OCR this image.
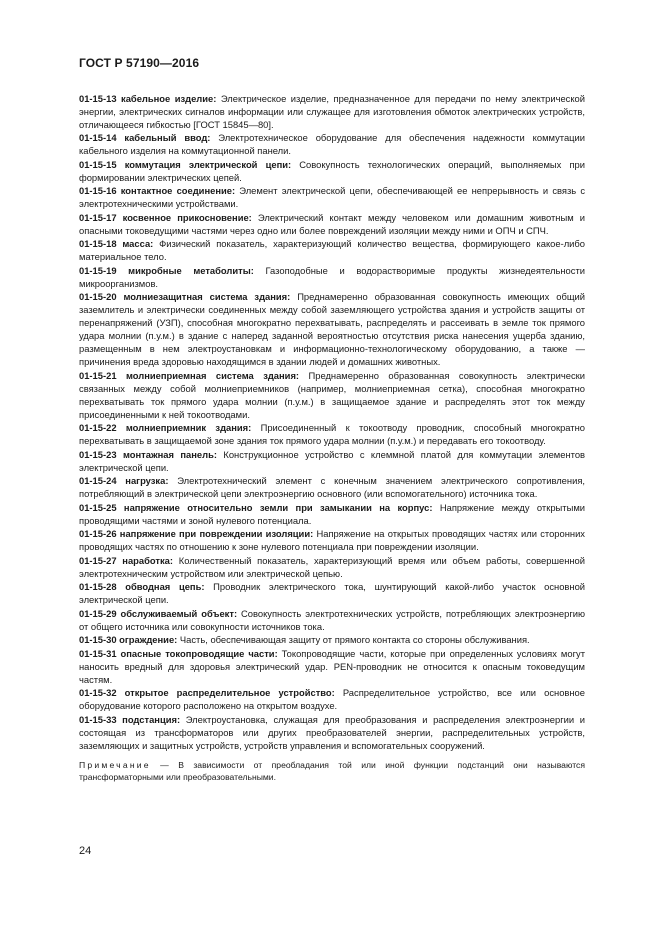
ГОСТ Р 57190—2016

01-15-13 кабельное изделие: Электрическое изделие, предназначенное для передачи по нему электрической энергии, электрических сигналов информации или служащее для изготовления обмоток электрических устройств, отличающееся гибкостью [ГОСТ 15845—80].

01-15-14 кабельный ввод: Электротехническое оборудование для обеспечения надежности коммутации кабельного изделия на коммутационной панели.

01-15-15 коммутация электрической цепи: Совокупность технологических операций, выполняемых при формировании электрических цепей.

01-15-16 контактное соединение: Элемент электрической цепи, обеспечивающей ее непрерывность и связь с электротехническими устройствами.

01-15-17 косвенное прикосновение: Электрический контакт между человеком или домашним животным и опасными токоведущими частями через одно или более повреждений изоляции между ними и ОПЧ и СПЧ.

01-15-18 масса: Физический показатель, характеризующий количество вещества, формирующего какое-либо материальное тело.

01-15-19 микробные метаболиты: Газоподобные и водорастворимые продукты жизнедеятельности микроорганизмов.

01-15-20 молниезащитная система здания: Преднамеренно образованная совокупность имеющих общий заземлитель и электрически соединенных между собой заземляющего устройства здания и устройств защиты от перенапряжений (УЗП), способная многократно перехватывать, распределять и рассеивать в земле ток прямого удара молнии (п.у.м.) в здание с наперед заданной вероятностью отсутствия риска нанесения ущерба зданию, размещенным в нем электроустановкам и информационно-технологическому оборудованию, а также — причинения вреда здоровью находящимся в здании людей и домашних животных.

01-15-21 молниеприемная система здания: Преднамеренно образованная совокупность электрически связанных между собой молниеприемников (например, молниеприемная сетка), способная многократно перехватывать ток прямого удара молнии (п.у.м.) в защищаемое здание и распределять этот ток между присоединенными к ней токоотводами.

01-15-22 молниеприемник здания: Присоединенный к токоотводу проводник, способный многократно перехватывать в защищаемой зоне здания ток прямого удара молнии (п.у.м.) и передавать его токоотводу.

01-15-23 монтажная панель: Конструкционное устройство с клеммной платой для коммутации элементов электрической цепи.

01-15-24 нагрузка: Электротехнический элемент с конечным значением электрического сопротивления, потребляющий в электрической цепи электроэнергию основного (или вспомогательного) источника тока.

01-15-25 напряжение относительно земли при замыкании на корпус: Напряжение между открытыми проводящими частями и зоной нулевого потенциала.

01-15-26 напряжение при повреждении изоляции: Напряжение на открытых проводящих частях или сторонних проводящих частях по отношению к зоне нулевого потенциала при повреждении изоляции.

01-15-27 наработка: Количественный показатель, характеризующий время или объем работы, совершенной электротехническим устройством или электрической цепью.

01-15-28 обводная цепь: Проводник электрического тока, шунтирующий какой-либо участок основной электрической цепи.

01-15-29 обслуживаемый объект: Совокупность электротехнических устройств, потребляющих электроэнергию от общего источника или совокупности источников тока.

01-15-30 ограждение: Часть, обеспечивающая защиту от прямого контакта со стороны обслуживания.

01-15-31 опасные токопроводящие части: Токопроводящие части, которые при определенных условиях могут наносить вредный для здоровья электрический удар. PEN-проводник не относится к опасным токоведущим частям.

01-15-32 открытое распределительное устройство: Распределительное устройство, все или основное оборудование которого расположено на открытом воздухе.

01-15-33 подстанция: Электроустановка, служащая для преобразования и распределения электроэнергии и состоящая из трансформаторов или других преобразователей энергии, распределительных устройств, заземляющих и защитных устройств, устройств управления и вспомогательных сооружений.

Примечание — В зависимости от преобладания той или иной функции подстанций они называются трансформаторными или преобразовательными.

24
